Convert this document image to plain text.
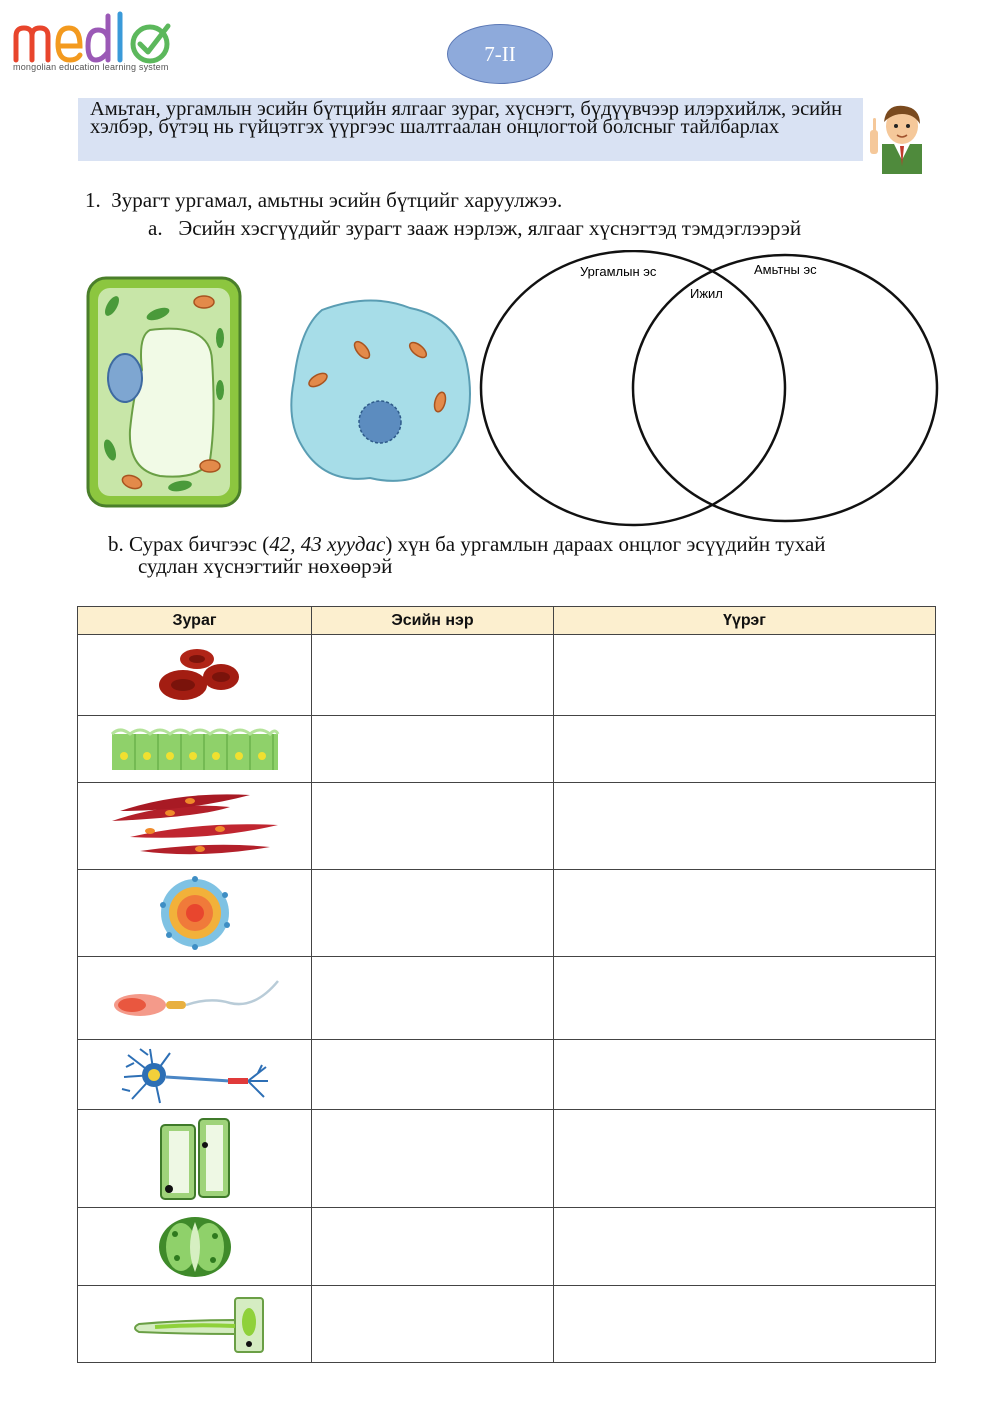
mongolian education learning system
7-II
Амьтан, ургамлын эсийн бүтцийн ялгааг зураг, хүснэгт, бүдүүвчээр илэрхийлж, эсийн хэлбэр, бүтэц нь гүйцэтгэх үүргээс шалтгаалан онцлогтой болсныг тайлбарлах
1. Зурагт ургамал, амьтны эсийн бүтцийг харуулжээ.
a. Эсийн хэсгүүдийг зурагт зааж нэрлэж, ялгааг хүснэгтэд тэмдэглээрэй
Ургамлын эс	Амьтны эс
Ижил
b. Сурах бичгээс (42, 43 хуудас) хүн ба ургамлын дараах онцлог эсүүдийн тухай
судлан хүснэгтийг нөхөөрэй
Зураг	Эсийн нэр	Үүрэг
